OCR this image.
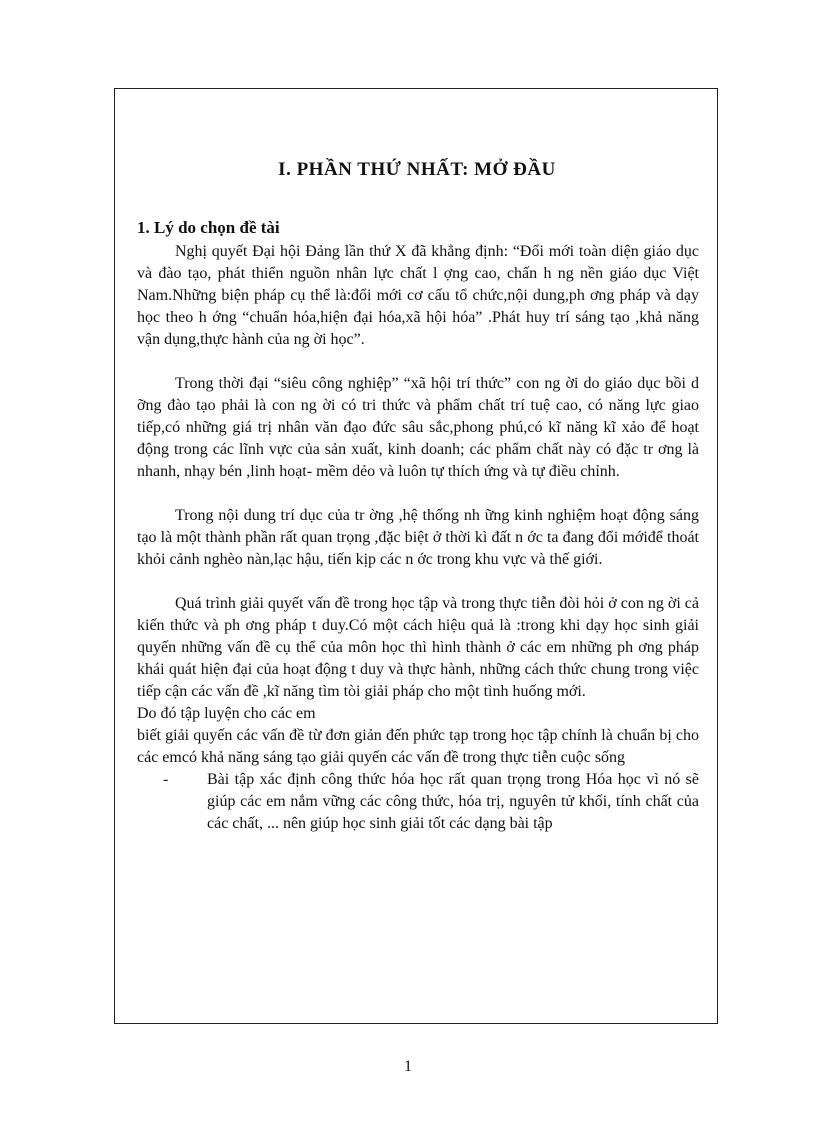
I. PHẦN THỨ NHẤT: MỞ ĐẦU
1. Lý do chọn đề tài

Nghị quyết Đại hội Đảng lần thứ X đã khẳng định: “Đổi mới toàn diện giáo dục và đào tạo, phát thiển nguồn nhân lực chất l ợng cao, chấn h ng nền giáo dục Việt Nam.Những biện pháp cụ thể là:đổi mới cơ cấu tổ chức,nội dung,ph ơng pháp và dạy học theo h ớng “chuẩn hóa,hiện đại hóa,xã hội hóa” .Phát huy trí sáng tạo ,khả năng vận dụng,thực hành của ng ời học”.

Trong thời đại “siêu công nghiệp” “xã hội trí thức” con ng ời do giáo dục bồi d ỡng đào tạo phải là con ng ời có tri thức và phẩm chất trí tuệ cao, có năng lực giao tiếp,có những giá trị nhân văn đạo đức sâu sắc,phong phú,có kĩ năng kĩ xảo để hoạt động trong các lĩnh vực của sản xuất, kinh doanh; các phẩm chất này có đặc tr ơng là nhanh, nhạy bén ,linh hoạt- mềm dẻo và luôn tự thích ứng và tự điều chỉnh.

Trong nội dung trí dục của tr ờng ,hệ thống nh ững kinh nghiệm hoạt động sáng tạo là một thành phần rất quan trọng ,đặc biệt ở thời kì đất n ớc ta đang đổi mớiđể thoát khỏi cảnh nghèo nàn,lạc hậu, tiến kịp các n ớc trong khu vực và thế giới.

Quá trình giải quyết vấn đề trong học tập và trong thực tiễn đòi hỏi ở con ng ời cả kiến thức và ph ơng pháp t duy.Có một cách hiệu quả là :trong khi dạy học sinh giải quyến những vấn đề cụ thể của môn học thì hình thành ở các em những ph ơng pháp khái quát hiện đại của hoạt động t duy và thực hành, những cách thức chung trong việc tiếp cận các vấn đề ,kĩ năng tìm tòi giải pháp cho một tình huống mới.

Do đó tập luyện cho các em

biết giải quyến các vấn đề từ đơn giản đến phức tạp trong học tập chính là chuẩn bị cho các emcó khả năng sáng tạo giải quyến các vấn đề trong thực tiễn cuộc sống

- Bài tập xác định công thức hóa học rất quan trọng trong Hóa học vì nó sẽ giúp các em nắm vững các công thức, hóa trị, nguyên tử khối, tính chất của các chất, ... nên giúp học sinh giải tốt các dạng bài tập
1
